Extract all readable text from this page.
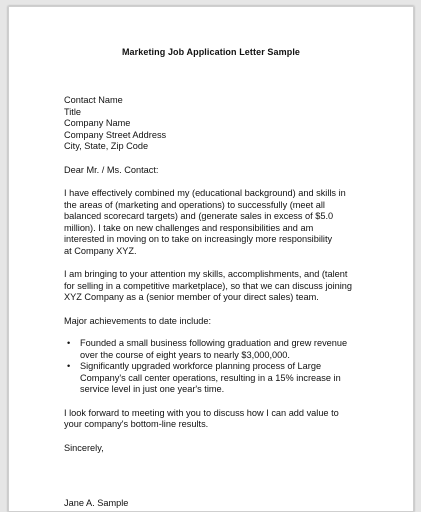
Marketing Job Application Letter Sample
Contact Name
Title
Company Name
Company Street Address
City, State, Zip Code
Dear Mr. / Ms. Contact:
I have effectively combined my (educational background) and skills in
the areas of (marketing and operations) to successfully (meet all
balanced scorecard targets) and (generate sales in excess of $5.0
million). I take on new challenges and responsibilities and am
interested in moving on to take on increasingly more responsibility
at Company XYZ.
I am bringing to your attention my skills, accomplishments, and (talent
for selling in a competitive marketplace), so that we can discuss joining
XYZ Company as a (senior member of your direct sales) team.
Major achievements to date include:
• Founded a small business following graduation and grew revenue
over the course of eight years to nearly $3,000,000.
• Significantly upgraded workforce planning process of Large
Company's call center operations, resulting in a 15% increase in
service level in just one year's time.
I look forward to meeting with you to discuss how I can add value to
your company's bottom-line results.
Sincerely,
Jane A. Sample
